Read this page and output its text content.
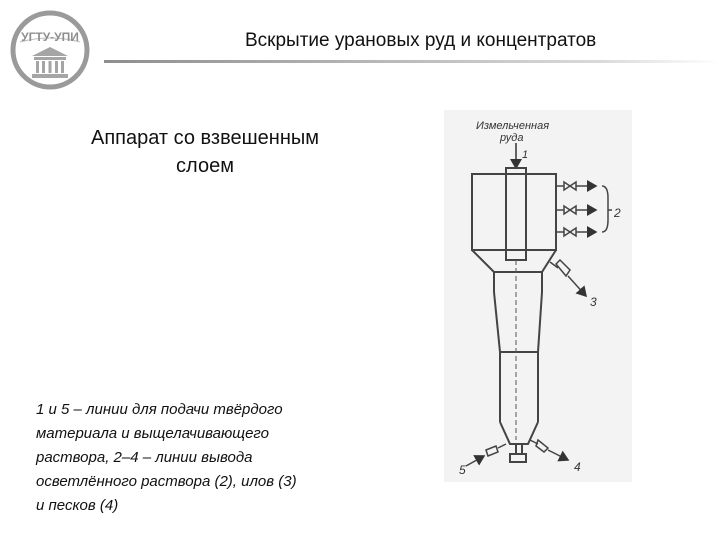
УГТУ-УПИ	Вскрытие урановых руд и концентратов
Аппарат со взвешенным
слоем
1 и 5 – линии для подачи твёрдого
материала и выщелачивающего
раствора, 2–4 – линии вывода
осветлённого раствора (2), илов (3)
и песков (4)
Измельченная
руда
1
2
3
4
5
